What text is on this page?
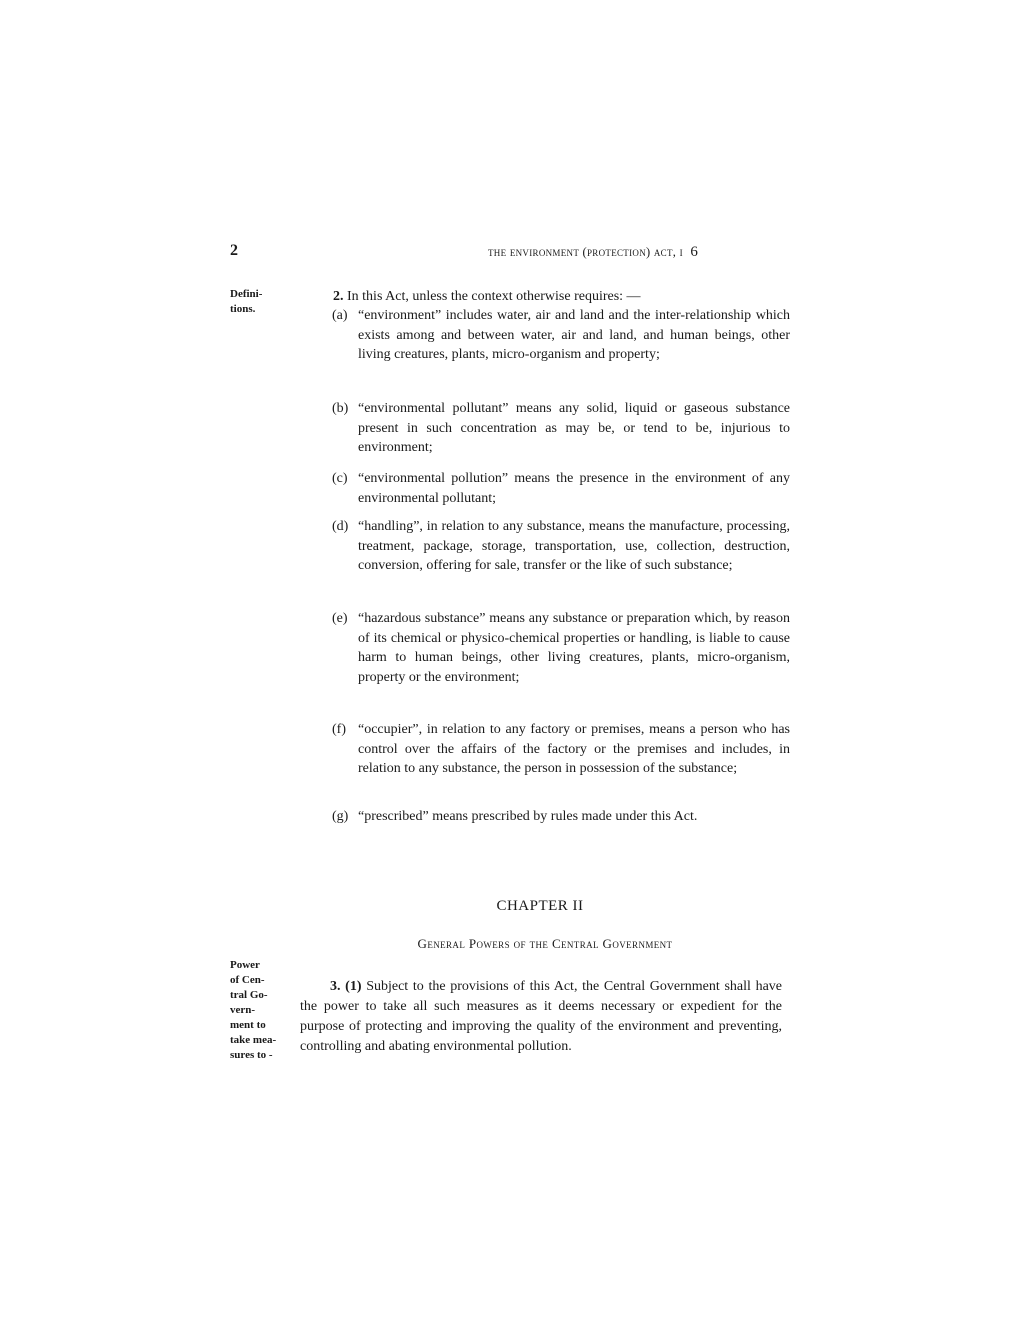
2	the environment (protection) act, i 6
Defini-
tions.
2. In this Act, unless the context otherwise requires: —
(a) “environment” includes water, air and land and the inter-relationship which exists among and between water, air and land, and human beings, other living creatures, plants, micro-organism and property;
(b) “environmental pollutant” means any solid, liquid or gaseous substance present in such concentration as may be, or tend to be, injurious to environment;
(c) “environmental pollution” means the presence in the environment of any environmental pollutant;
(d) “handling”, in relation to any substance, means the manufacture, processing, treatment, package, storage, transportation, use, collection, destruction, conversion, offering for sale, transfer or the like of such substance;
(e) “hazardous substance” means any substance or preparation which, by reason of its chemical or physico-chemical properties or handling, is liable to cause harm to human beings, other living creatures, plants, micro-organism, property or the environment;
(f) “occupier”, in relation to any factory or premises, means a person who has control over the affairs of the factory or the premises and includes, in relation to any substance, the person in possession of the substance;
(g) “prescribed” means prescribed by rules made under this Act.
CHAPTER II
General Powers of the Central Government
Power
of Cen-
tral Go-
vern-
ment to
take mea-
sures to -
3. (1) Subject to the provisions of this Act, the Central Government shall have the power to take all such measures as it deems necessary or expedient for the purpose of protecting and improving the quality of the environment and preventing, controlling and abating environmental pollution.
